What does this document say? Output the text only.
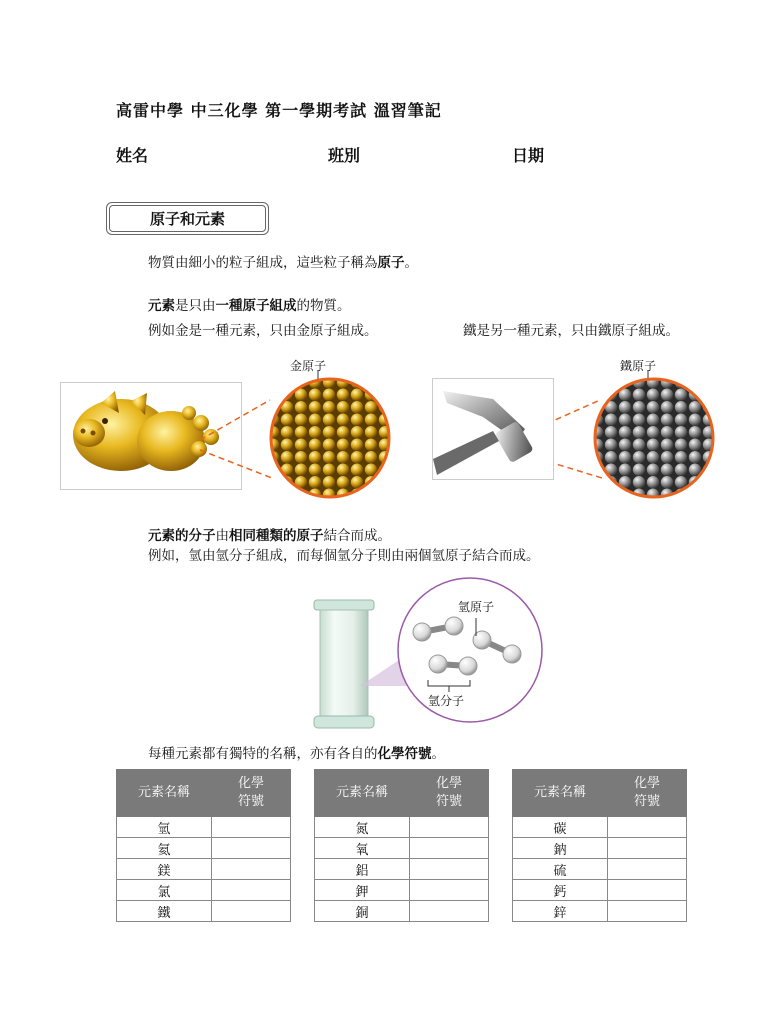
高雷中學 中三化學 第一學期考試 溫習筆記
姓名	班別	日期
原子和元素
物質由細小的粒子組成，這些粒子稱為原子。
元素是只由一種原子組成的物質。
例如金是一種元素，只由金原子組成。	鐵是另一種元素，只由鐵原子組成。
金原子	鐵原子
元素的分子由相同種類的原子結合而成。
例如，氫由氫分子組成，而每個氫分子則由兩個氫原子結合而成。
氫原子
氫分子
每種元素都有獨特的名稱，亦有各自的化學符號。
元素名稱	化學
符號
氫	
氦	
鎂	
氯	
鐵	
元素名稱	化學
符號
氮	
氧	
鋁	
鉀	
銅	
元素名稱	化學
符號
碳	
鈉	
硫	
鈣	
鋅	
